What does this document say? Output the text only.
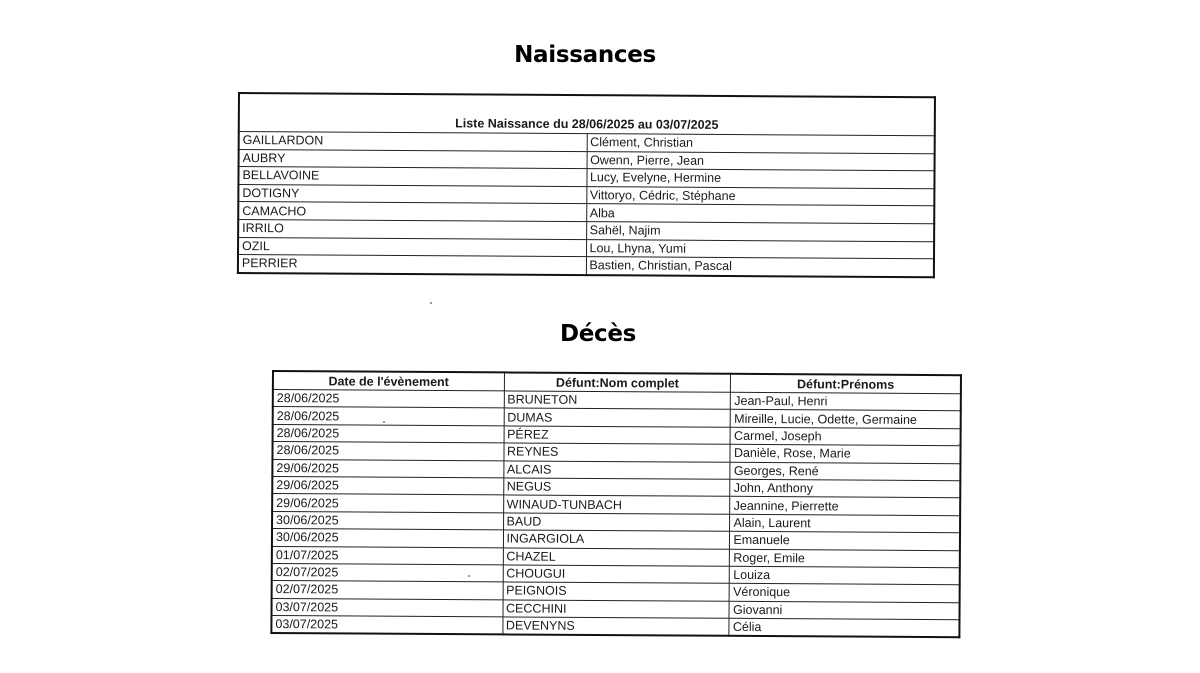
Naissances
Liste Naissance du 28/06/2025 au 03/07/2025	
GAILLARDON	Clément, Christian
AUBRY	Owenn, Pierre, Jean
BELLAVOINE	Lucy, Evelyne, Hermine
DOTIGNY	Vittoryo, Cédric, Stéphane
CAMACHO	Alba
IRRILO	Sahël, Najim
OZIL	Lou, Lhyna, Yumi
PERRIER	Bastien, Christian, Pascal
Décès
Date de l'évènement	Défunt:Nom complet	Défunt:Prénoms
28/06/2025	BRUNETON	Jean-Paul, Henri
28/06/2025	DUMAS	Mireille, Lucie, Odette, Germaine
28/06/2025	PÉREZ	Carmel, Joseph
28/06/2025	REYNES	Danièle, Rose, Marie
29/06/2025	ALCAIS	Georges, René
29/06/2025	NEGUS	John, Anthony
29/06/2025	WINAUD-TUNBACH	Jeannine, Pierrette
30/06/2025	BAUD	Alain, Laurent
30/06/2025	INGARGIOLA	Emanuele
01/07/2025	CHAZEL	Roger, Emile
02/07/2025	CHOUGUI	Louiza
02/07/2025	PEIGNOIS	Véronique
03/07/2025	CECCHINI	Giovanni
03/07/2025	DEVENYNS	Célia
